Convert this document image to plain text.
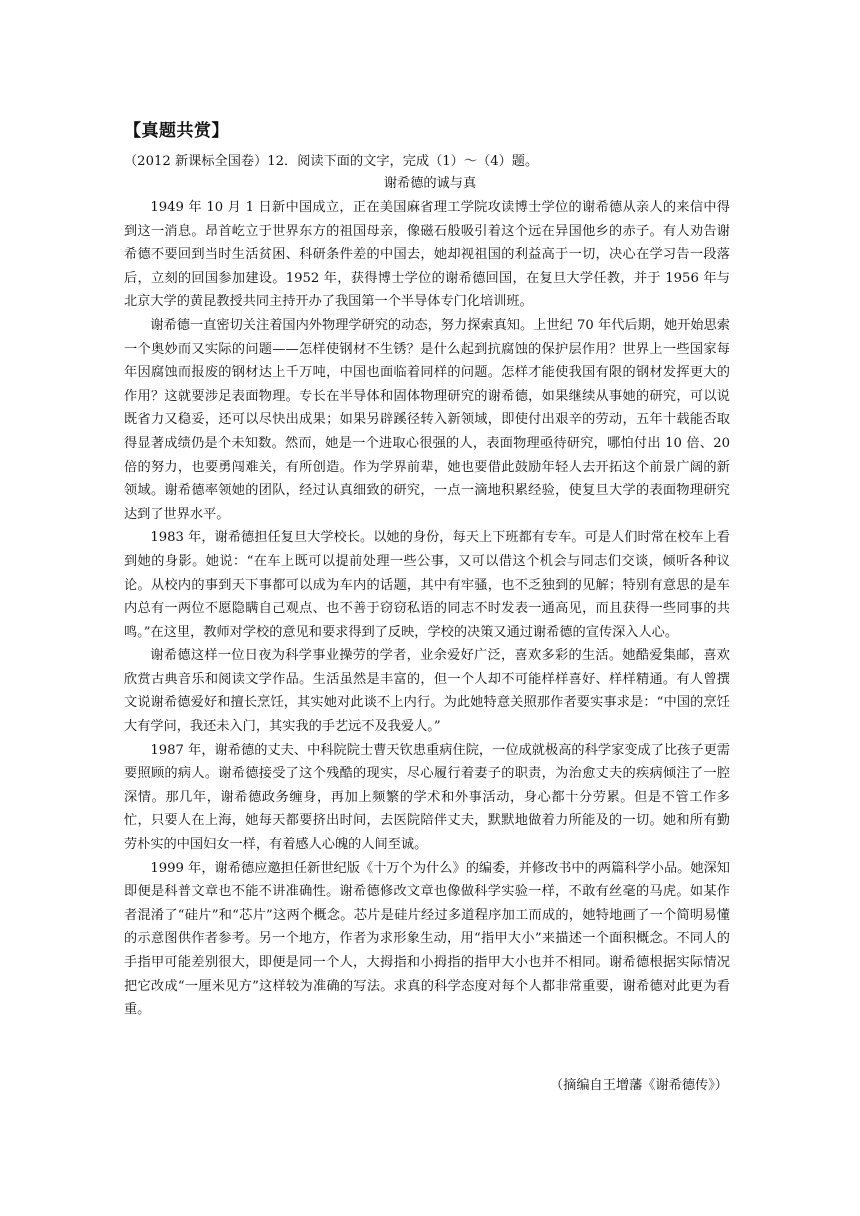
【真题共赏】
（2012 新课标全国卷）12．阅读下面的文字，完成（1）～（4）题。
谢希德的诚与真

1949 年 10 月 1 日新中国成立，正在美国麻省理工学院攻读博士学位的谢希德从亲人的来信中得到这一消息。昂首屹立于世界东方的祖国母亲，像磁石般吸引着这个远在异国他乡的赤子。有人劝告谢希德不要回到当时生活贫困、科研条件差的中国去，她却视祖国的利益高于一切，决心在学习告一段落后，立刻的回国参加建设。1952 年，获得博士学位的谢希德回国，在复旦大学任教，并于 1956 年与北京大学的黄昆教授共同主持开办了我国第一个半导体专门化培训班。

谢希德一直密切关注着国内外物理学研究的动态，努力探索真知。上世纪 70 年代后期，她开始思索一个奥妙而又实际的问题——怎样使钢材不生锈？是什么起到抗腐蚀的保护层作用？世界上一些国家每年因腐蚀而报废的钢材达上千万吨，中国也面临着同样的问题。怎样才能使我国有限的钢材发挥更大的作用？这就要涉足表面物理。专长在半导体和固体物理研究的谢希德，如果继续从事她的研究，可以说既省力又稳妥，还可以尽快出成果；如果另辟蹊径转入新领域，即使付出艰辛的劳动，五年十载能否取得显著成绩仍是个未知数。然而，她是一个进取心很强的人，表面物理亟待研究，哪怕付出 10 倍、20 倍的努力，也要勇闯难关，有所创造。作为学界前辈，她也要借此鼓励年轻人去开拓这个前景广阔的新领域。谢希德率领她的团队，经过认真细致的研究，一点一滴地积累经验，使复旦大学的表面物理研究达到了世界水平。

1983 年，谢希德担任复旦大学校长。以她的身份，每天上下班都有专车。可是人们时常在校车上看到她的身影。她说：“在车上既可以提前处理一些公事，又可以借这个机会与同志们交谈，倾听各种议论。从校内的事到天下事都可以成为车内的话题，其中有牢骚，也不乏独到的见解；特别有意思的是车内总有一两位不愿隐瞒自己观点、也不善于窃窃私语的同志不时发表一通高见，而且获得一些同事的共鸣。”在这里，教师对学校的意见和要求得到了反映，学校的决策又通过谢希德的宣传深入人心。

谢希德这样一位日夜为科学事业操劳的学者，业余爱好广泛，喜欢多彩的生活。她酷爱集邮，喜欢欣赏古典音乐和阅读文学作品。生活虽然是丰富的，但一个人却不可能样样喜好、样样精通。有人曾撰文说谢希德爱好和擅长烹饪，其实她对此谈不上内行。为此她特意关照那作者要实事求是：“中国的烹饪大有学问，我还未入门，其实我的手艺远不及我爱人。”

1987 年，谢希德的丈夫、中科院院士曹天钦患重病住院，一位成就极高的科学家变成了比孩子更需要照顾的病人。谢希德接受了这个残酷的现实，尽心履行着妻子的职责，为治愈丈夫的疾病倾注了一腔深情。那几年，谢希德政务缠身，再加上频繁的学术和外事活动，身心都十分劳累。但是不管工作多忙，只要人在上海，她每天都要挤出时间，去医院陪伴丈夫，默默地做着力所能及的一切。她和所有勤劳朴实的中国妇女一样，有着感人心魄的人间至诚。

1999 年，谢希德应邀担任新世纪版《十万个为什么》的编委，并修改书中的两篇科学小品。她深知即便是科普文章也不能不讲准确性。谢希德修改文章也像做科学实验一样，不敢有丝毫的马虎。如某作者混淆了“硅片”和“芯片”这两个概念。芯片是硅片经过多道程序加工而成的，她特地画了一个简明易懂的示意图供作者参考。另一个地方，作者为求形象生动，用“指甲大小”来描述一个面积概念。不同人的手指甲可能差别很大，即便是同一个人，大拇指和小拇指的指甲大小也并不相同。谢希德根据实际情况把它改成“一厘米见方”这样较为准确的写法。求真的科学态度对每个人都非常重要，谢希德对此更为看重。

（摘编自王增藩《谢希德传》）
